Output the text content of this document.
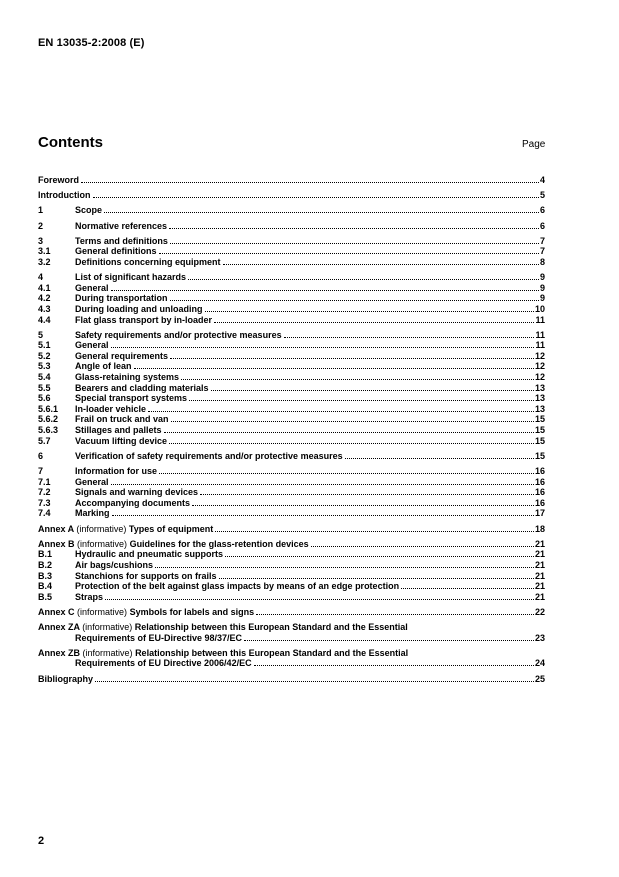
EN 13035-2:2008 (E)
Contents	Page
Foreword	4
Introduction	5
1	Scope	6
2	Normative references	6
3	Terms and definitions	7
3.1	General definitions	7
3.2	Definitions concerning equipment	8
4	List of significant hazards	9
4.1	General	9
4.2	During transportation	9
4.3	During loading and unloading	10
4.4	Flat glass transport by in-loader	11
5	Safety requirements and/or protective measures	11
5.1	General	11
5.2	General requirements	12
5.3	Angle of lean	12
5.4	Glass-retaining systems	12
5.5	Bearers and cladding materials	13
5.6	Special transport systems	13
5.6.1	In-loader vehicle	13
5.6.2	Frail on truck and van	15
5.6.3	Stillages and pallets	15
5.7	Vacuum lifting device	15
6	Verification of safety requirements and/or protective measures	15
7	Information for use	16
7.1	General	16
7.2	Signals and warning devices	16
7.3	Accompanying documents	16
7.4	Marking	17
Annex A (informative) Types of equipment	18
Annex B (informative) Guidelines for the glass-retention devices	21
B.1	Hydraulic and pneumatic supports	21
B.2	Air bags/cushions	21
B.3	Stanchions for supports on frails	21
B.4	Protection of the belt against glass impacts by means of an edge protection	21
B.5	Straps	21
Annex C (informative) Symbols for labels and signs	22
Annex ZA (informative) Relationship between this European Standard and the Essential
Requirements of EU-Directive 98/37/EC	23
Annex ZB (informative) Relationship between this European Standard and the Essential
Requirements of EU Directive 2006/42/EC	24
Bibliography	25
2
